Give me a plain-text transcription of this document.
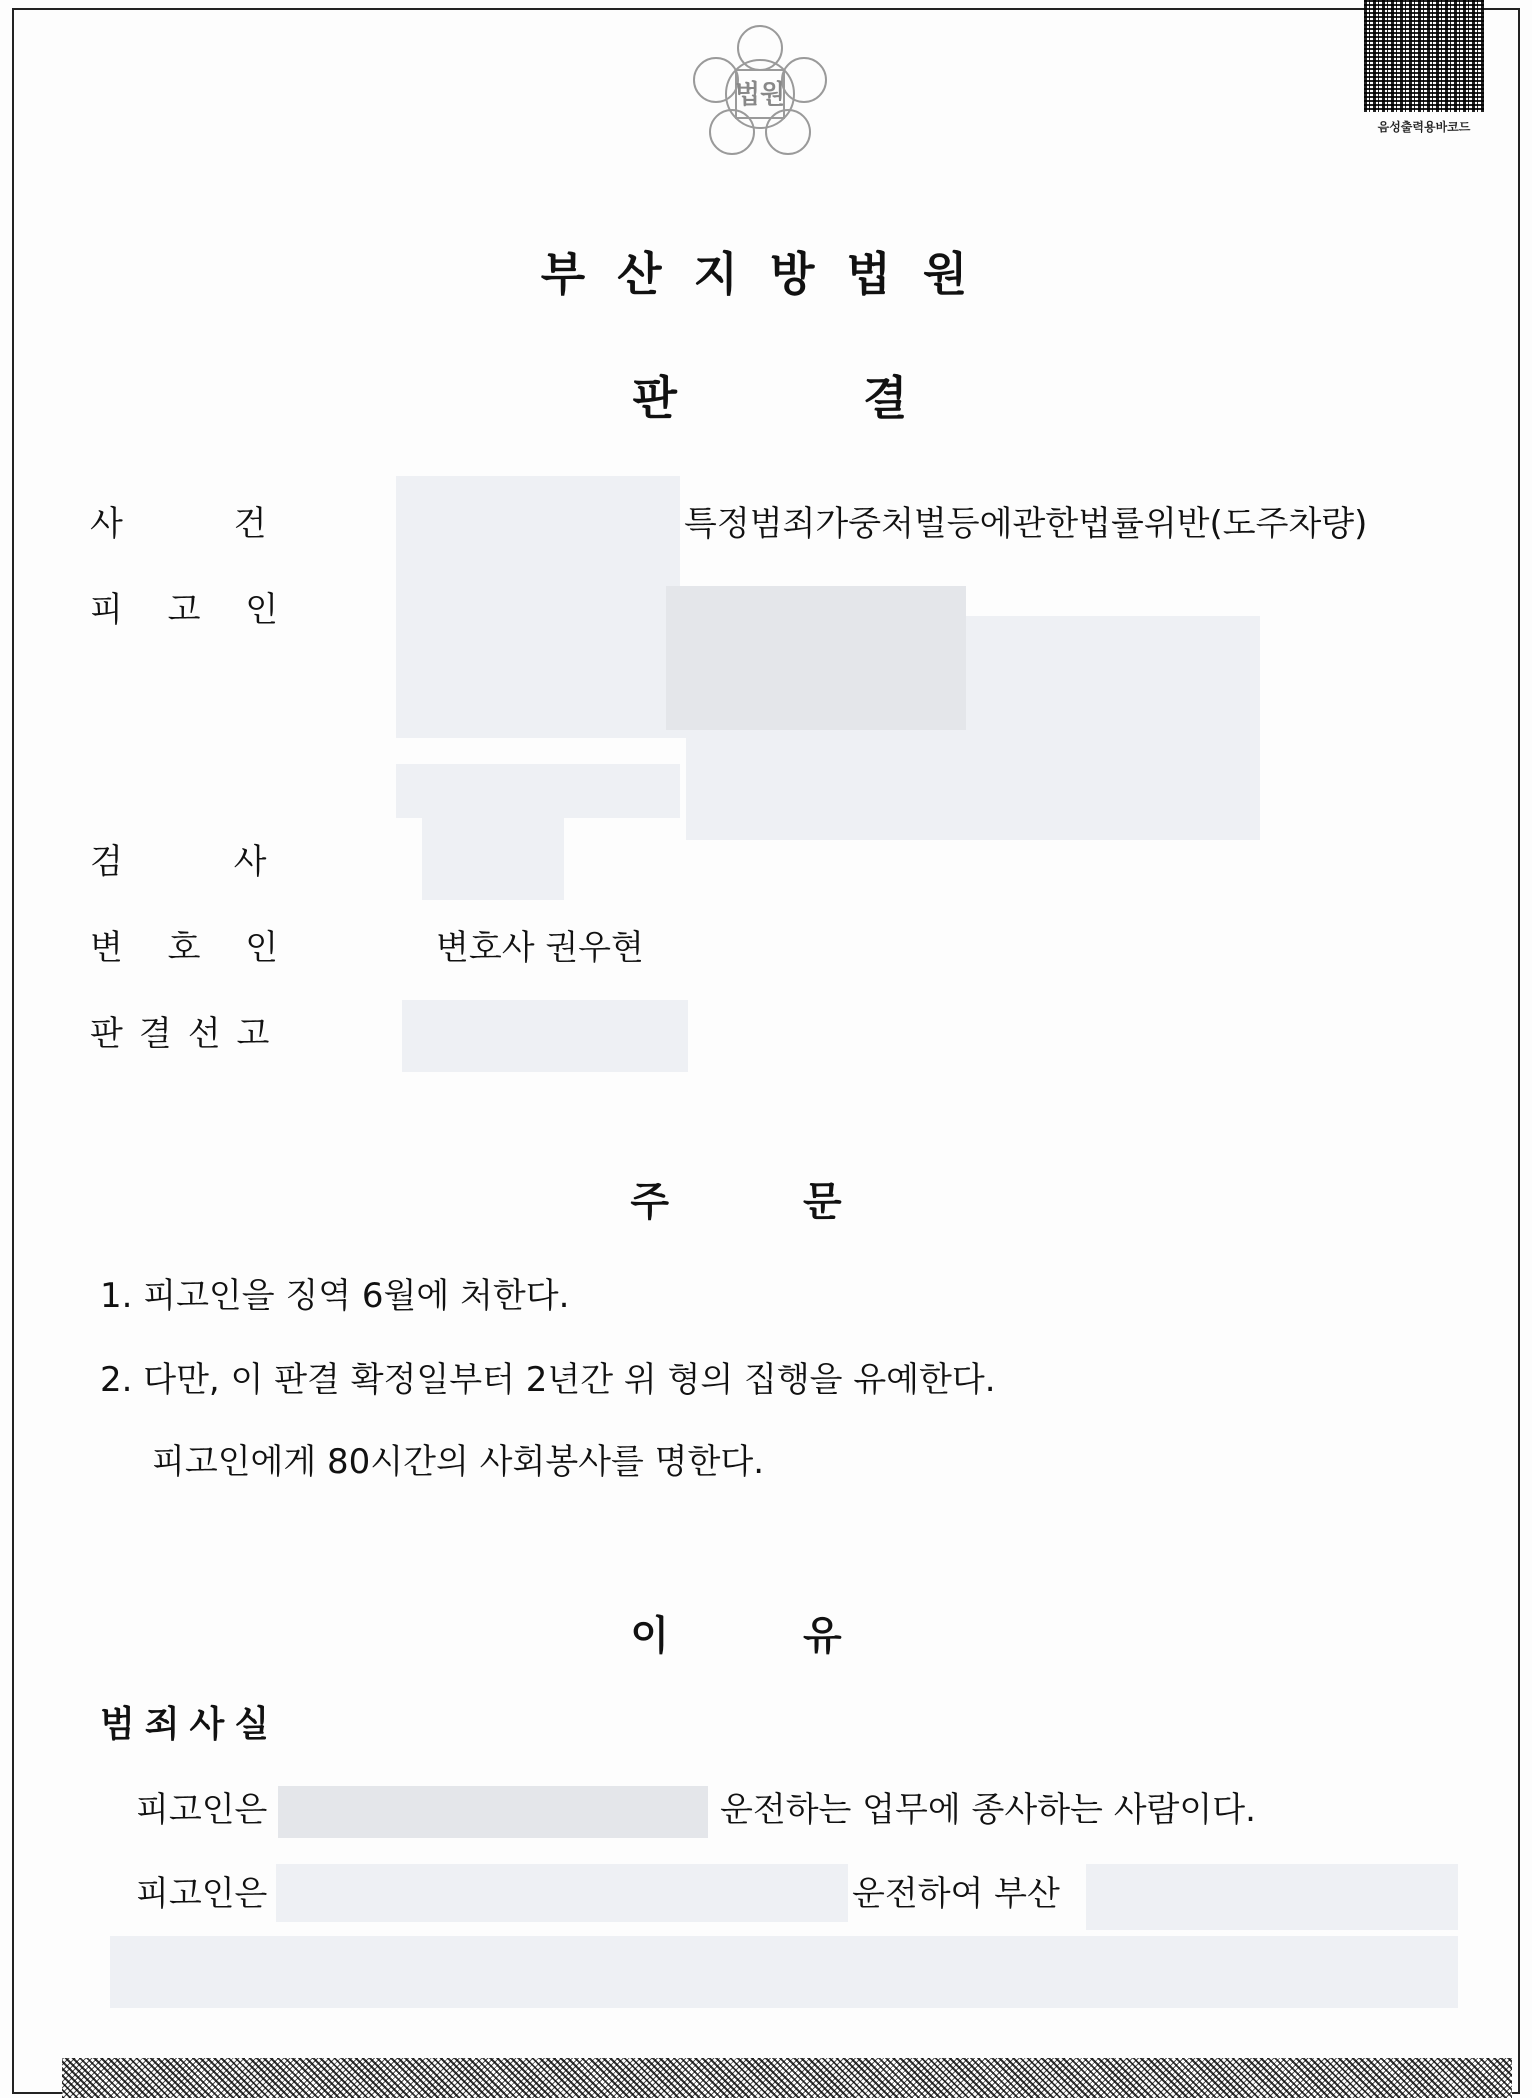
법원
음성출력용바코드
부산지방법원
판 결
사 건	특정범죄가중처벌등에관한법률위반(도주차량)
피 고 인
검 사
변 호 인	변호사 권우현
판결선고
주 문
1. 피고인을 징역 6월에 처한다.
2. 다만, 이 판결 확정일부터 2년간 위 형의 집행을 유예한다.
피고인에게 80시간의 사회봉사를 명한다.
이 유
범죄사실
피고인은	운전하는 업무에 종사하는 사람이다.
피고인은	운전하여 부산
